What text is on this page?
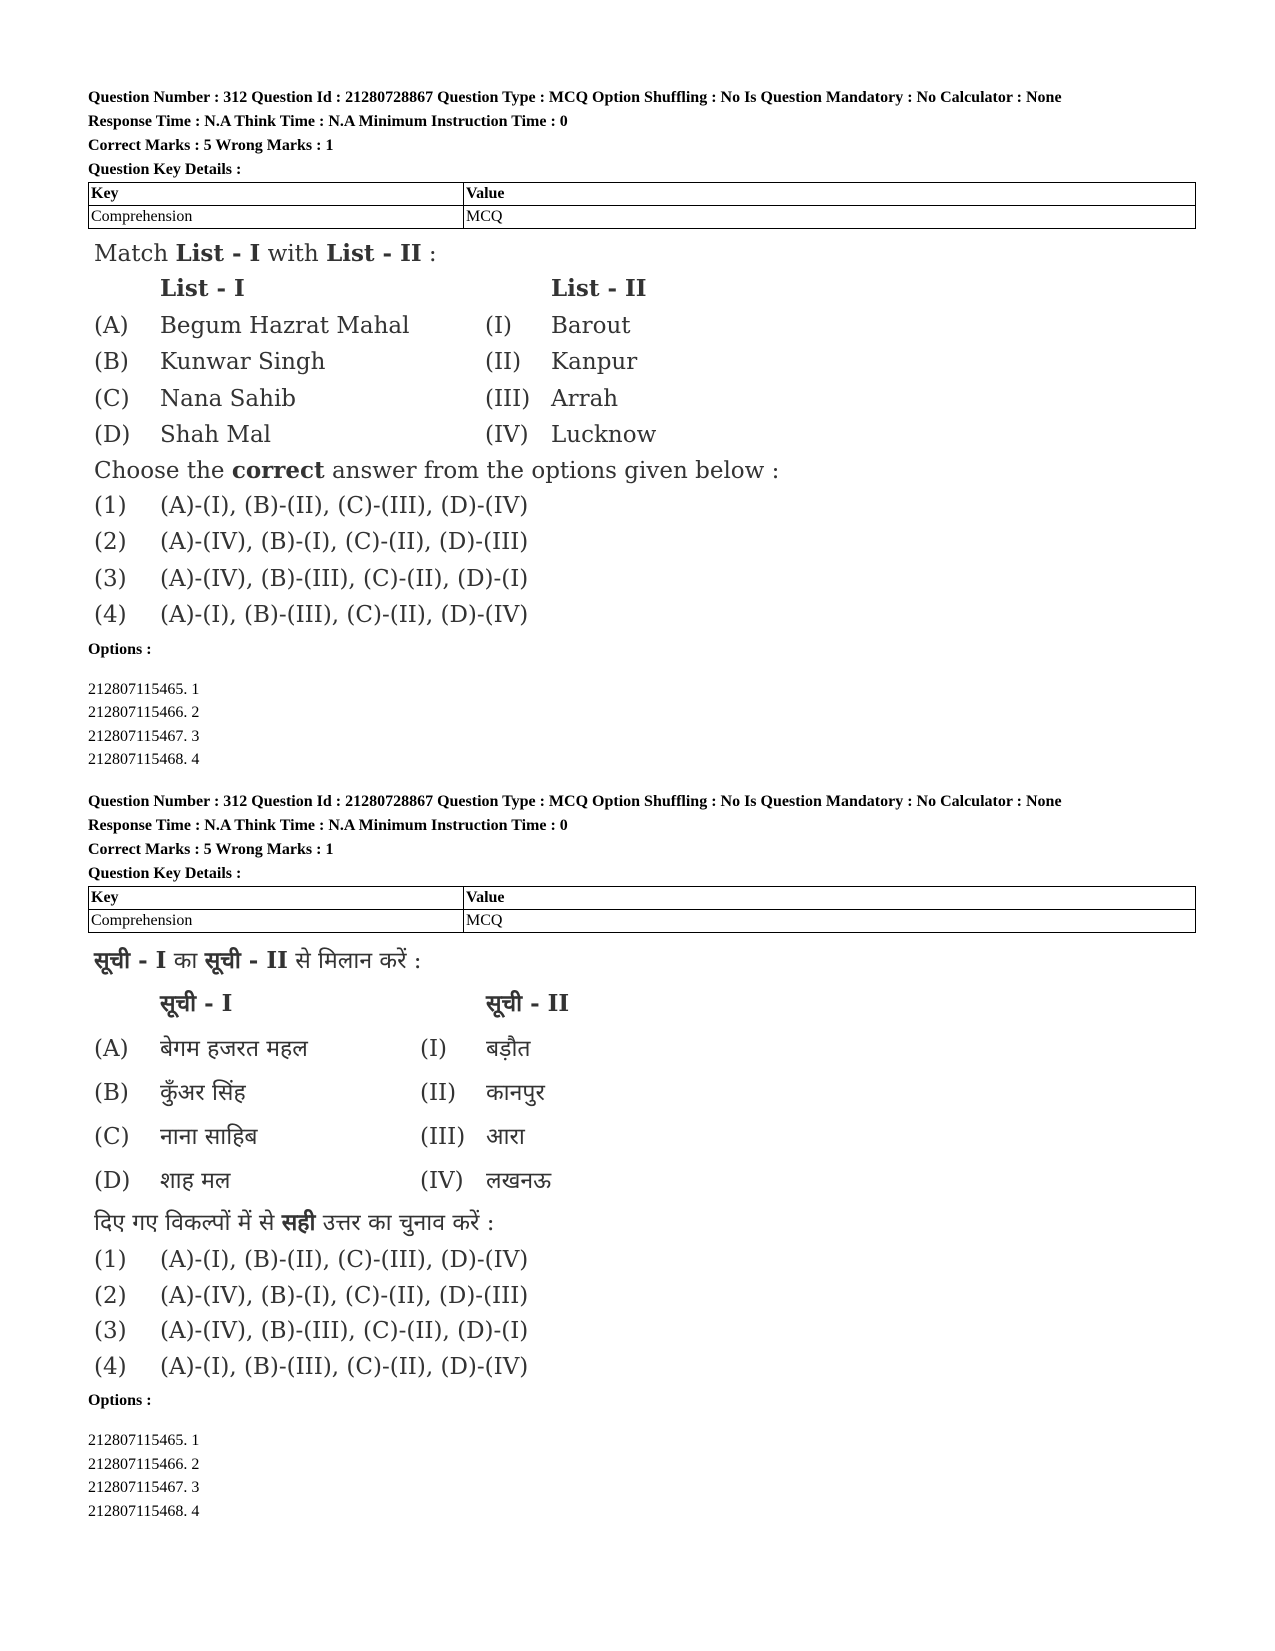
Question Number : 312 Question Id : 21280728867 Question Type : MCQ Option Shuffling : No Is Question Mandatory : No Calculator : None

Response Time : N.A Think Time : N.A Minimum Instruction Time : 0

Correct Marks : 5 Wrong Marks : 1

Question Key Details :

Key	Value
Comprehension	MCQ
Match List - I with List - II :
List - I	List - II
(A)	Begum Hazrat Mahal	(I)	Barout
(B)	Kunwar Singh	(II)	Kanpur
(C)	Nana Sahib	(III) Arrah
(D)	Shah Mal	(IV) Lucknow
Choose the correct answer from the options given below :
(1)	(A)-(I), (B)-(II), (C)-(III), (D)-(IV)
(2)	(A)-(IV), (B)-(I), (C)-(II), (D)-(III)
(3)	(A)-(IV), (B)-(III), (C)-(II), (D)-(I)
(4)	(A)-(I), (B)-(III), (C)-(II), (D)-(IV)

Options :

212807115465. 1
212807115466. 2
212807115467. 3
212807115468. 4

Question Number : 312 Question Id : 21280728867 Question Type : MCQ Option Shuffling : No Is Question Mandatory : No Calculator : None

Response Time : N.A Think Time : N.A Minimum Instruction Time : 0

Correct Marks : 5 Wrong Marks : 1

Question Key Details :

Key	Value
Comprehension	MCQ
सूची - I का सूची - II से मिलान करें :
सूची - I	सूची - II
(A)	बेगम हजरत महल	(I)	बड़ौत
(B)	कुँअर सिंह	(II)	कानपुर
(C)	नाना साहिब	(III) आरा
(D)	शाह मल	(IV) लखनऊ
दिए गए विकल्पों में से सही उत्तर का चुनाव करें :
(1)	(A)-(I), (B)-(II), (C)-(III), (D)-(IV)
(2)	(A)-(IV), (B)-(I), (C)-(II), (D)-(III)
(3)	(A)-(IV), (B)-(III), (C)-(II), (D)-(I)
(4)	(A)-(I), (B)-(III), (C)-(II), (D)-(IV)

Options :

212807115465. 1
212807115466. 2
212807115467. 3
212807115468. 4
